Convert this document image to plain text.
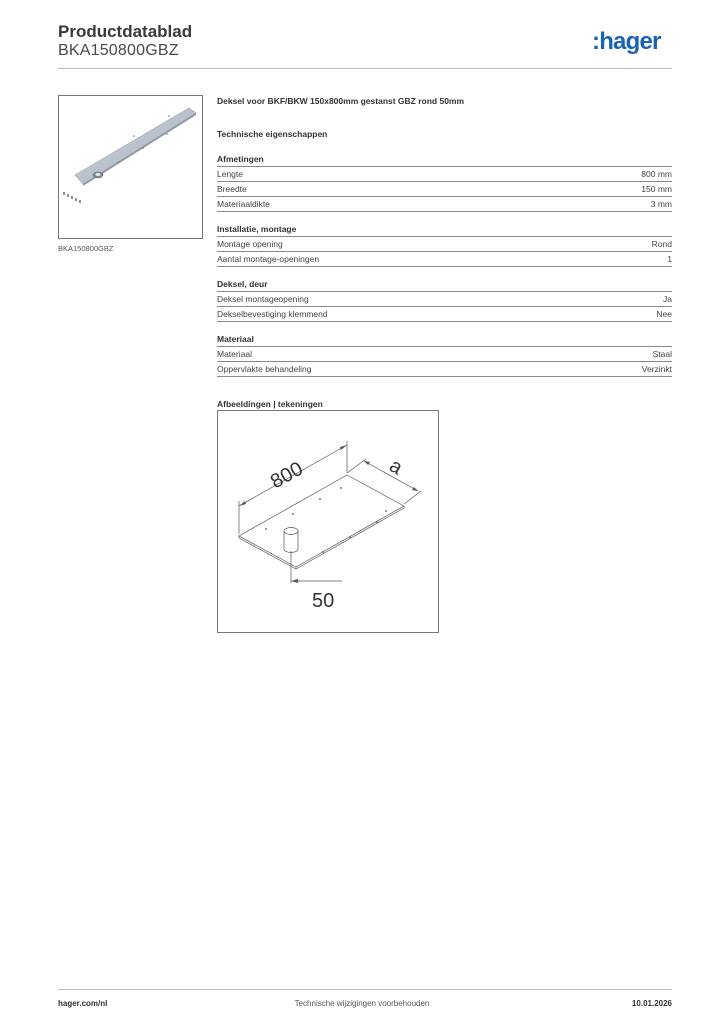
Productdatablad
BKA150800GBZ	:hager
BKA150800GBZ

Deksel voor BKF/BKW 150x800mm gestanst GBZ rond 50mm

Technische eigenschappen
Afmetingen
Lengte	800 mm
Breedte	150 mm
Materiaaldikte	3 mm
Installatie, montage
Montage opening	Rond
Aantal montage-openingen	1
Deksel, deur
Deksel montageopening	Ja
Dekselbevestiging klemmend	Nee
Materiaal
Materiaal	Staal
Oppervlakte behandeling	Verzinkt
Afbeeldingen | tekeningen
800	a
50
hager.com/nl	Technische wijzigingen voorbehouden	10.01.2026
